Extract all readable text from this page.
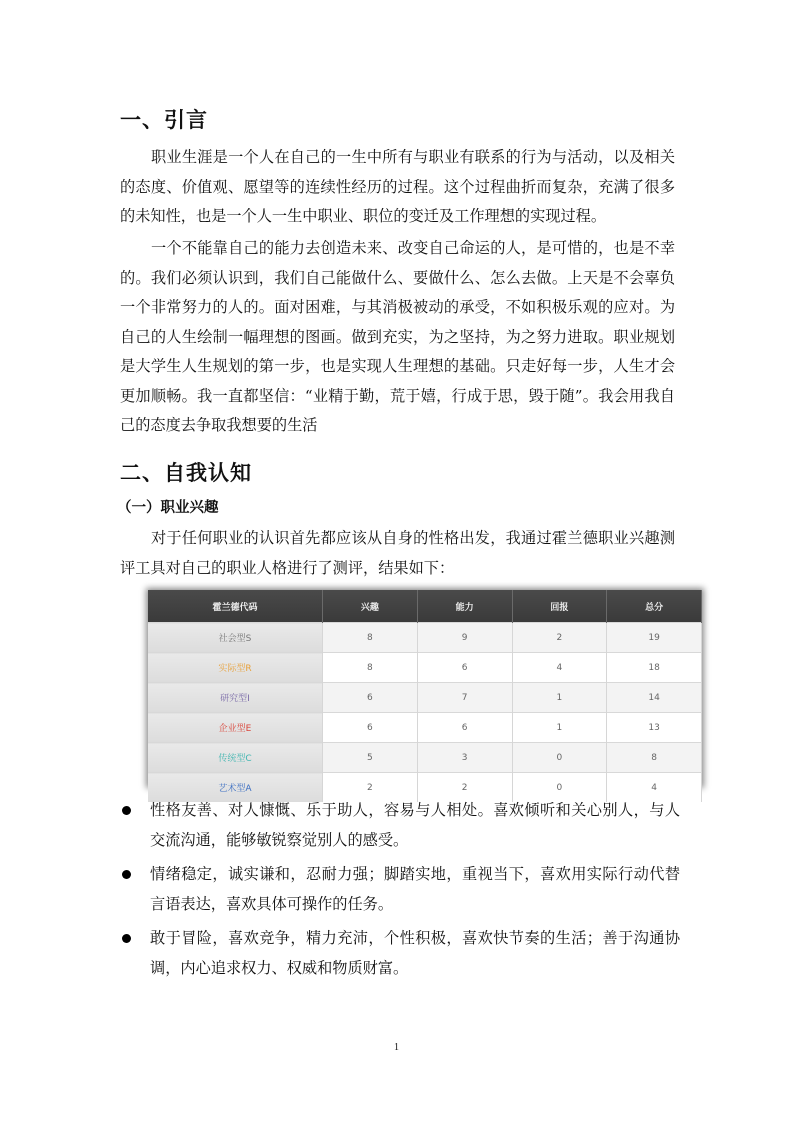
一、引言

职业生涯是一个人在自己的一生中所有与职业有联系的行为与活动，以及相关的态度、价值观、愿望等的连续性经历的过程。这个过程曲折而复杂，充满了很多的未知性，也是一个人一生中职业、职位的变迁及工作理想的实现过程。

一个不能靠自己的能力去创造未来、改变自己命运的人，是可惜的，也是不幸的。我们必须认识到，我们自己能做什么、要做什么、怎么去做。上天是不会辜负一个非常努力的人的。面对困难，与其消极被动的承受，不如积极乐观的应对。为自己的人生绘制一幅理想的图画。做到充实，为之坚持，为之努力进取。职业规划是大学生人生规划的第一步，也是实现人生理想的基础。只走好每一步，人生才会更加顺畅。我一直都坚信：“业精于勤，荒于嬉，行成于思，毁于随”。我会用我自己的态度去争取我想要的生活

二、自我认知
（一）职业兴趣

对于任何职业的认识首先都应该从自身的性格出发，我通过霍兰德职业兴趣测评工具对自己的职业人格进行了测评，结果如下：

霍兰德代码	兴趣	能力	回报	总分
社会型S	8	9	2	19
实际型R	8	6	4	18
研究型I	6	7	1	14
企业型E	6	6	1	13
传统型C	5	3	0	8
艺术型A	2	2	0	4
性格友善、对人慷慨、乐于助人，容易与人相处。喜欢倾听和关心别人，与人交流沟通，能够敏锐察觉别人的感受。
情绪稳定，诚实谦和，忍耐力强；脚踏实地，重视当下，喜欢用实际行动代替言语表达，喜欢具体可操作的任务。
敢于冒险，喜欢竞争，精力充沛，个性积极，喜欢快节奏的生活；善于沟通协调，内心追求权力、权威和物质财富。
1
